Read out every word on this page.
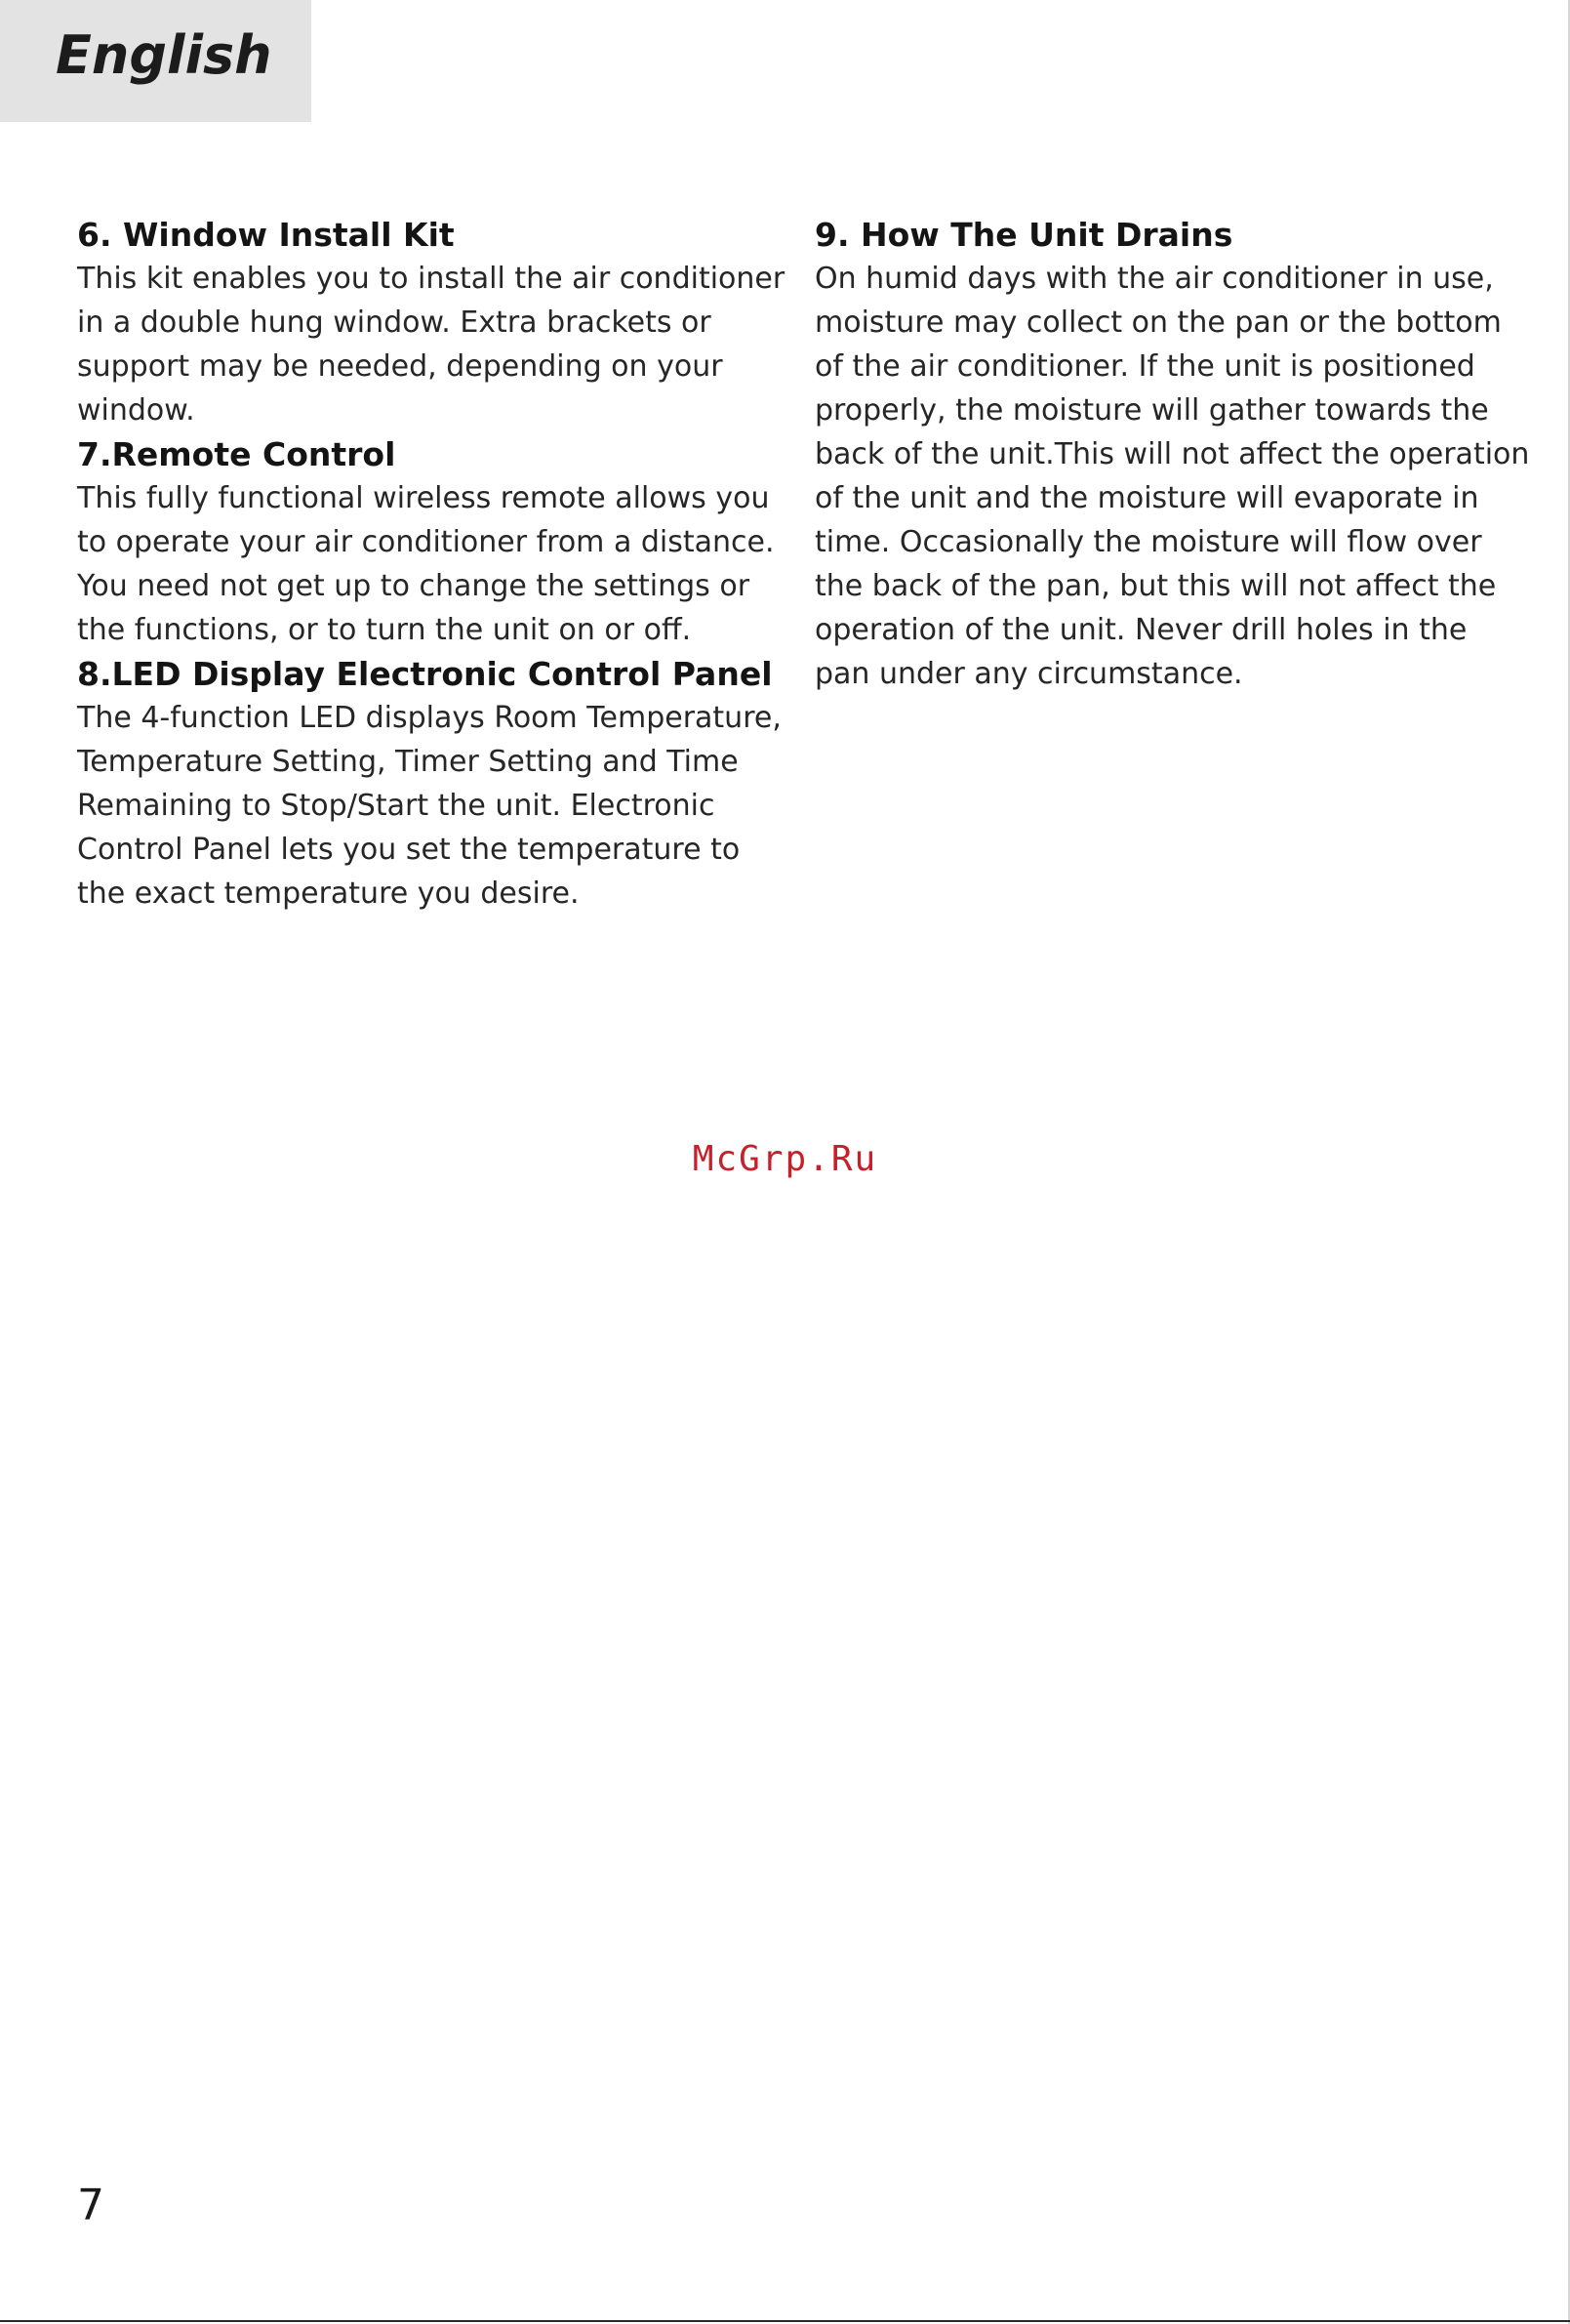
English
6. Window Install Kit

This kit enables you to install the air conditioner
in a double hung window. Extra brackets or
support may be needed, depending on your
window.

7.Remote Control

This fully functional wireless remote allows you
to operate your air conditioner from a distance.
You need not get up to change the settings or
the functions, or to turn the unit on or off.

8.LED Display Electronic Control Panel

The 4-function LED displays Room Temperature,
Temperature Setting, Timer Setting and Time
Remaining to Stop/Start the unit. Electronic
Control Panel lets you set the temperature to
the exact temperature you desire.

9. How The Unit Drains

On humid days with the air conditioner in use,
moisture may collect on the pan or the bottom
of the air conditioner. If the unit is positioned
properly, the moisture will gather towards the
back of the unit.This will not affect the operation
of the unit and the moisture will evaporate in
time. Occasionally the moisture will flow over
the back of the pan, but this will not affect the
operation of the unit. Never drill holes in the
pan under any circumstance.

McGrp.Ru
7
